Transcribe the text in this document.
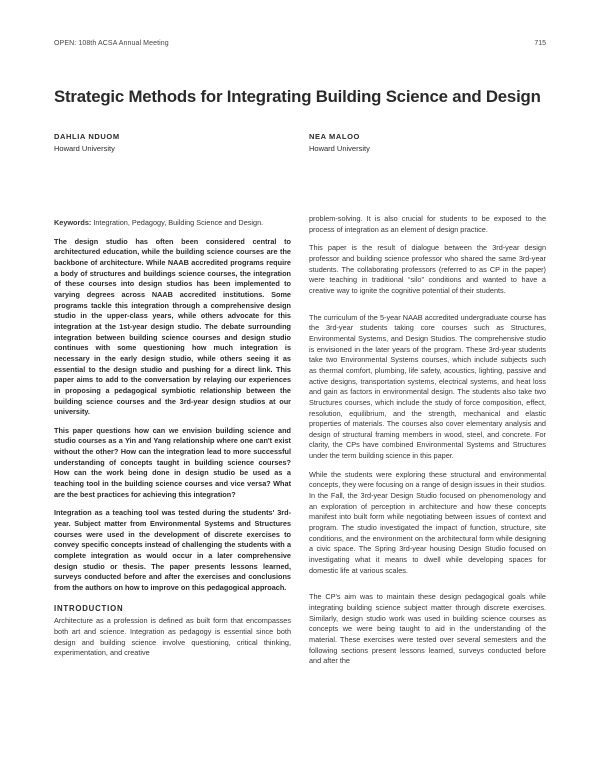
OPEN: 108th ACSA Annual Meeting	715
Strategic Methods for Integrating Building Science and Design
DAHLIA NDUOM
Howard University
NEA MALOO
Howard University

Keywords: Integration, Pedagogy, Building Science and Design.

The design studio has often been considered central to architectured education, while the building science courses are the backbone of architecture. While NAAB accredited programs require a body of structures and buildings science courses, the integration of these courses into design studios has been implemented to varying degrees across NAAB accredited institutions. Some programs tackle this integration through a comprehensive design studio in the upper-class years, while others advocate for this integration at the 1st-year design studio. The debate surrounding integration between building science courses and design studio continues with some questioning how much integration is necessary in the early design studio, while others seeing it as essential to the design studio and pushing for a direct link. This paper aims to add to the conversation by relaying our experiences in proposing a pedagogical symbiotic relationship between the building science courses and the 3rd-year design studios at our university.

This paper questions how can we envision building science and studio courses as a Yin and Yang relationship where one can't exist without the other? How can the integration lead to more successful understanding of concepts taught in building science courses? How can the work being done in design studio be used as a teaching tool in the building science courses and vice versa? What are the best practices for achieving this integration?

Integration as a teaching tool was tested during the students' 3rd-year. Subject matter from Environmental Systems and Structures courses were used in the development of discrete exercises to convey specific concepts instead of challenging the students with a complete integration as would occur in a later comprehensive design studio or thesis. The paper presents lessons learned, surveys conducted before and after the exercises and conclusions from the authors on how to improve on this pedagogical approach.

INTRODUCTION

Architecture as a profession is defined as built form that encompasses both art and science. Integration as pedagogy is essential since both design and building science involve questioning, critical thinking, experimentation, and creative

problem-solving. It is also crucial for students to be exposed to the process of integration as an element of design practice.

This paper is the result of dialogue between the 3rd-year design professor and building science professor who shared the same 3rd-year students. The collaborating professors (referred to as CP in the paper) were teaching in traditional “silo” conditions and wanted to have a creative way to ignite the cognitive potential of their students.

The curriculum of the 5-year NAAB accredited undergraduate course has the 3rd-year students taking core courses such as Structures, Environmental Systems, and Design Studios. The comprehensive studio is envisioned in the later years of the program. These 3rd-year students take two Environmental Systems courses, which include subjects such as thermal comfort, plumbing, life safety, acoustics, lighting, passive and active designs, transportation systems, electrical systems, and heat loss and gain as factors in environmental design. The students also take two Structures courses, which include the study of force composition, effect, resolution, equilibrium, and the strength, mechanical and elastic properties of materials. The courses also cover elementary analysis and design of structural framing members in wood, steel, and concrete. For clarity, the CPs have combined Environmental Systems and Structures under the term building science in this paper.

While the students were exploring these structural and environmental concepts, they were focusing on a range of design issues in their studios. In the Fall, the 3rd-year Design Studio focused on phenomenology and an exploration of perception in architecture and how these concepts manifest into built form while negotiating between issues of context and program. The studio investigated the impact of function, structure, site conditions, and the environment on the architectural form while designing a civic space. The Spring 3rd-year housing Design Studio focused on investigating what it means to dwell while developing spaces for domestic life at various scales.

The CP's aim was to maintain these design pedagogical goals while integrating building science subject matter through discrete exercises. Similarly, design studio work was used in building science courses as concepts we were being taught to aid in the understanding of the material. These exercises were tested over several semesters and the following sections present lessons learned, surveys conducted before and after the
